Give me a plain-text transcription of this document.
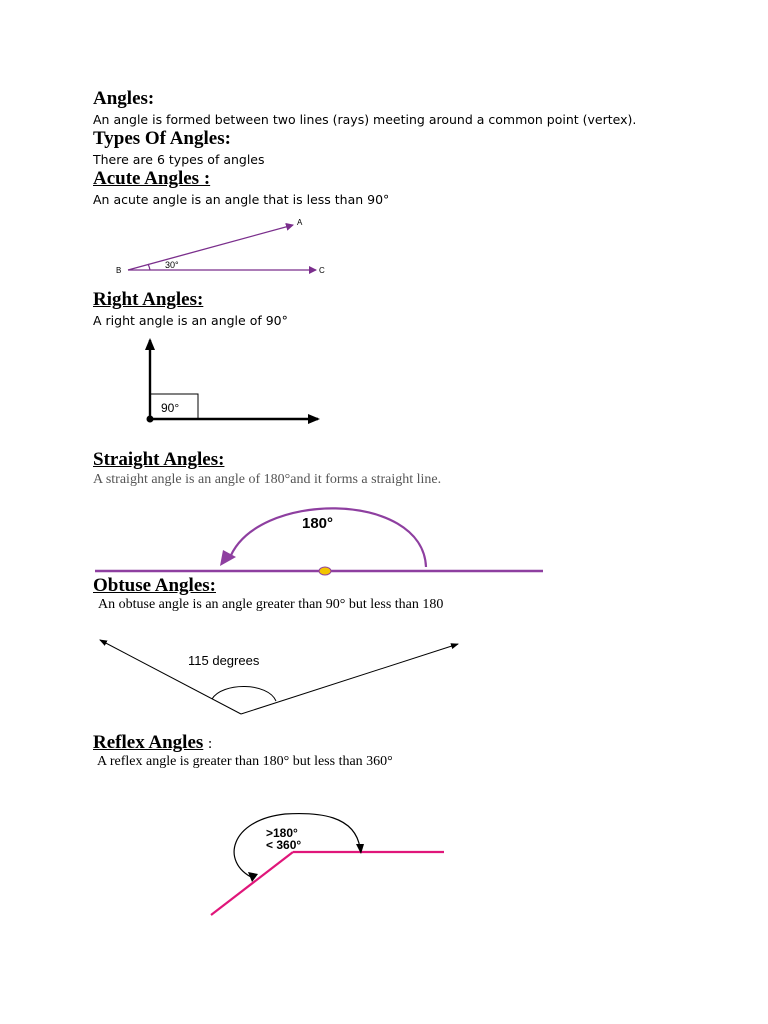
Angles:

An angle is formed between two lines (rays) meeting around a common point (vertex).

Types Of Angles:

There are 6 types of angles

Acute Angles :

An acute angle is an angle that is less than 90°

Right Angles:

A right angle is an angle of 90°

Straight Angles:

A straight angle is an angle of 180°and it forms a straight line.

Obtuse Angles:

An obtuse angle is an angle greater than 90° but less than 180

Reflex Angles :

A reflex angle is greater than 180° but less than 360°

B
A
C
30°
90°
180°
115 degrees
>180°
< 360°
